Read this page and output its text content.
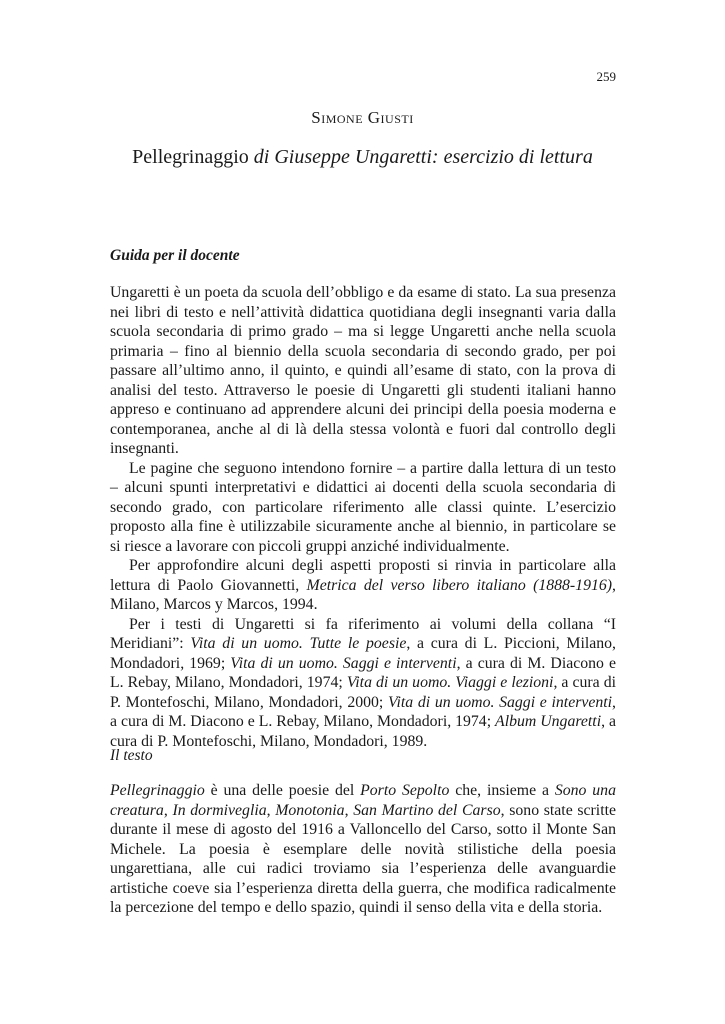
259
Simone Giusti
Pellegrinaggio di Giuseppe Ungaretti: esercizio di lettura
Guida per il docente

Ungaretti è un poeta da scuola dell’obbligo e da esame di stato. La sua presenza nei libri di testo e nell’attività didattica quotidiana degli insegnanti varia dalla scuola secondaria di primo grado – ma si legge Ungaretti anche nella scuola primaria – fino al biennio della scuola secondaria di secondo grado, per poi passare all’ultimo anno, il quinto, e quindi all’esame di stato, con la prova di analisi del testo. Attraverso le poesie di Ungaretti gli studenti italiani hanno appreso e continuano ad apprendere alcuni dei principi della poesia moderna e contemporanea, anche al di là della stessa volontà e fuori dal controllo degli insegnanti.

Le pagine che seguono intendono fornire – a partire dalla lettura di un testo – alcuni spunti interpretativi e didattici ai docenti della scuola secondaria di secondo grado, con particolare riferimento alle classi quinte. L’esercizio proposto alla fine è utilizzabile sicuramente anche al biennio, in particolare se si riesce a lavorare con piccoli gruppi anziché individualmente.

Per approfondire alcuni degli aspetti proposti si rinvia in particolare alla lettura di Paolo Giovannetti, Metrica del verso libero italiano (1888-1916), Milano, Marcos y Marcos, 1994.

Per i testi di Ungaretti si fa riferimento ai volumi della collana “I Meridiani”: Vita di un uomo. Tutte le poesie, a cura di L. Piccioni, Milano, Mondadori, 1969; Vita di un uomo. Saggi e interventi, a cura di M. Diacono e L. Rebay, Milano, Mondadori, 1974; Vita di un uomo. Viaggi e lezioni, a cura di P. Montefoschi, Milano, Mondadori, 2000; Vita di un uomo. Saggi e interventi, a cura di M. Diacono e L. Rebay, Milano, Mondadori, 1974; Album Ungaretti, a cura di P. Montefoschi, Milano, Mondadori, 1989.

Il testo

Pellegrinaggio è una delle poesie del Porto Sepolto che, insieme a Sono una creatura, In dormiveglia, Monotonia, San Martino del Carso, sono state scritte durante il mese di agosto del 1916 a Valloncello del Carso, sotto il Monte San Michele. La poesia è esemplare delle novità stilistiche della poesia ungarettiana, alle cui radici troviamo sia l’esperienza delle avanguardie artistiche coeve sia l’esperienza diretta della guerra, che modifica radicalmente la percezione del tempo e dello spazio, quindi il senso della vita e della storia.
